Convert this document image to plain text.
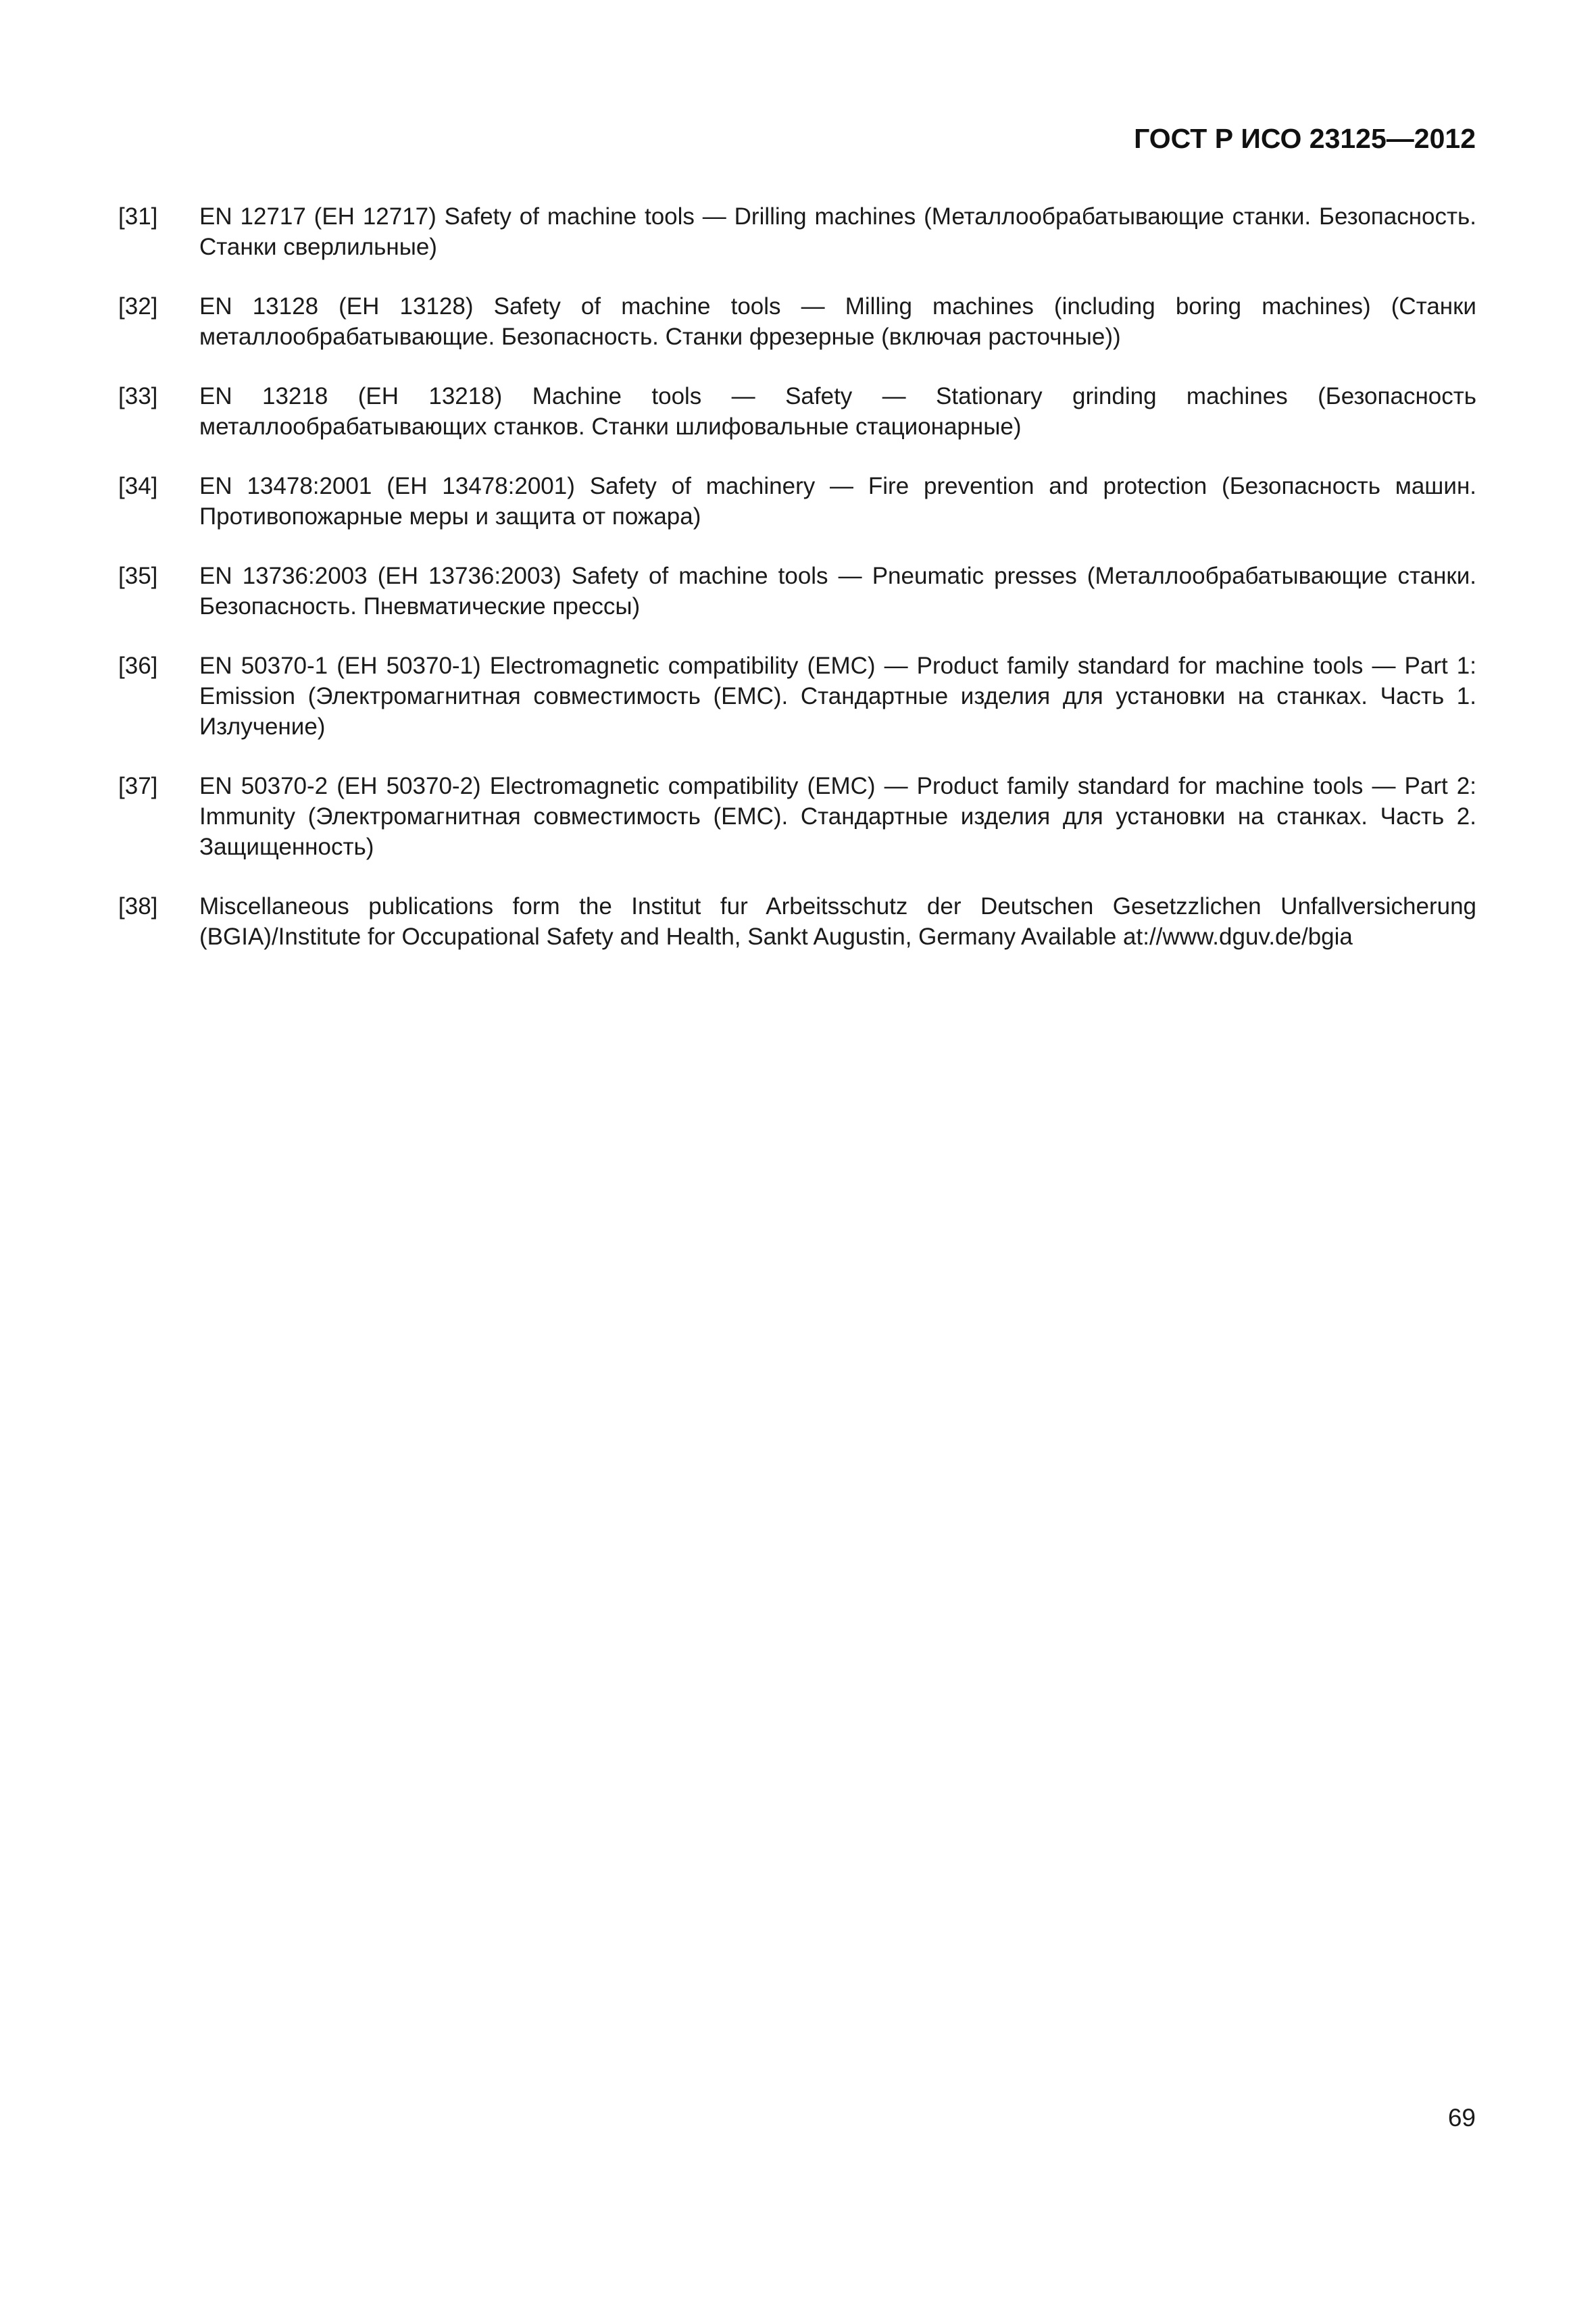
ГОСТ Р ИСО 23125—2012
[31]	EN 12717 (ЕН 12717) Safety of machine tools — Drilling machines (Металлообрабатывающие станки. Безопасность. Станки сверлильные)
[32]	EN 13128 (ЕН 13128) Safety of machine tools — Milling machines (including boring machines) (Станки металлообрабатывающие. Безопасность. Станки фрезерные (включая расточные))
[33]	EN 13218 (ЕН 13218) Machine tools — Safety — Stationary grinding machines (Безопасность металлообрабатывающих станков. Станки шлифовальные стационарные)
[34]	EN 13478:2001 (ЕН 13478:2001) Safety of machinery — Fire prevention and protection (Безопасность машин. Противопожарные меры и защита от пожара)
[35]	EN 13736:2003 (ЕН 13736:2003) Safety of machine tools — Pneumatic presses (Металлообрабатывающие станки. Безопасность. Пневматические прессы)
[36]	EN 50370-1 (ЕН 50370-1) Electromagnetic compatibility (EMC) — Product family standard for machine tools — Part 1: Emission (Электромагнитная совместимость (ЕМС). Стандартные изделия для установки на станках. Часть 1. Излучение)
[37]	EN 50370-2 (ЕН 50370-2) Electromagnetic compatibility (EMC) — Product family standard for machine tools — Part 2: Immunity (Электромагнитная совместимость (ЕМС). Стандартные изделия для установки на станках. Часть 2. Защищенность)
[38]	Miscellaneous publications form the Institut fur Arbeitsschutz der Deutschen Gesetzzlichen Unfallversicherung (BGIA)/Institute for Occupational Safety and Health, Sankt Augustin, Germany Available at://www.dguv.de/bgia
69
